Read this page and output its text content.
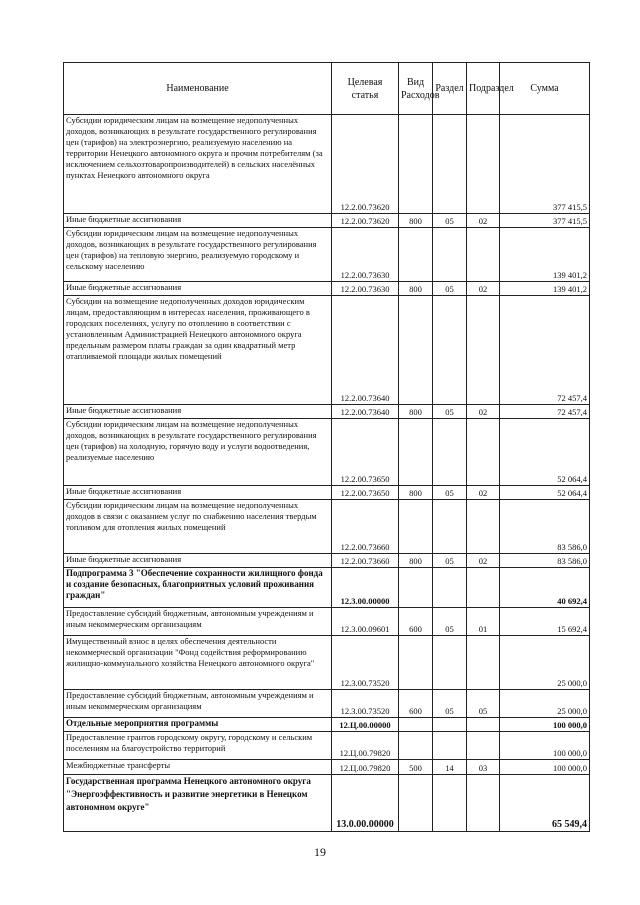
Наименование	Целевая статья	Вид Расходов	Раздел	Подраздел	Сумма
Субсидии юридическим лицам на возмещение недополученных доходов, возникающих в результате государственного регулирования цен (тарифов) на электроэнергию, реализуемую населению на территории Ненецкого автономного округа и прочим потребителям (за исключением сельхозтоваропроизводителей) в сельских населённых пунктах Ненецкого автономного округа	12.2.00.73620				377 415,5
Иные бюджетные ассигнования	12.2.00.73620	800	05	02	377 415,5
Субсидии юридическим лицам на возмещение недополученных доходов, возникающих в результате государственного регулирования цен (тарифов) на тепловую энергию, реализуемую городскому и сельскому населению	12.2.00.73630				139 401,2
Иные бюджетные ассигнования	12.2.00.73630	800	05	02	139 401,2
Субсидии на возмещение недополученных доходов юридическим лицам, предоставляющим в интересах населения, проживающего в городских поселениях, услугу по отоплению в соответствии с установленным Администрацией Ненецкого автономного округа предельным размером платы граждан за один квадратный метр отапливаемой площади жилых помещений	12.2.00.73640				72 457,4
Иные бюджетные ассигнования	12.2.00.73640	800	05	02	72 457,4
Субсидии юридическим лицам на возмещение недополученных доходов, возникающих в результате государственного регулирования цен (тарифов) на холодную, горячую воду и услуги водоотведения, реализуемые населению	12.2.00.73650				52 064,4
Иные бюджетные ассигнования	12.2.00.73650	800	05	02	52 064,4
Субсидии юридическим лицам на возмещение недополученных доходов в связи с оказанием услуг по снабжению населения твердым топливом для отопления жилых помещений	12.2.00.73660				83 586,0
Иные бюджетные ассигнования	12.2.00.73660	800	05	02	83 586,0
Подпрограмма 3 "Обеспечение сохранности жилищного фонда и создание безопасных, благоприятных условий проживания граждан"	12.3.00.00000				40 692,4
Предоставление субсидий бюджетным, автономным учреждениям и иным некоммерческим организациям	12.3.00.09601	600	05	01	15 692,4
Имущественный взнос в целях обеспечения деятельности некоммерческой организации "Фонд содействия реформированию жилищно-коммунального хозяйства Ненецкого автономного округа"	12.3.00.73520				25 000,0
Предоставление субсидий бюджетным, автономным учреждениям и иным некоммерческим организациям	12.3.00.73520	600	05	05	25 000,0
Отдельные мероприятия программы	12.Ц.00.00000				100 000,0
Предоставление грантов городскому округу, городскому и сельским поселениям на благоустройство территорий	12.Ц.00.79820				100 000,0
Межбюджетные трансферты	12.Ц.00.79820	500	14	03	100 000,0
Государственная программа Ненецкого автономного округа "Энергоэффективность и развитие энергетики в Ненецком автономном округе"	13.0.00.00000				65 549,4
19
